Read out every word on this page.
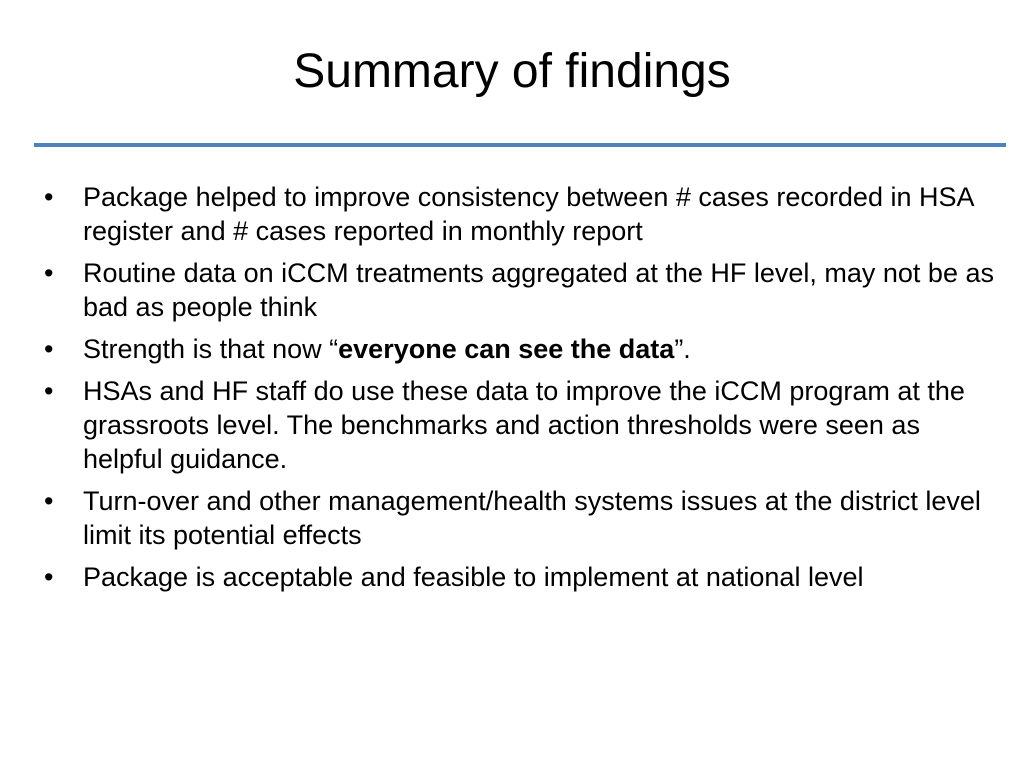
Summary of findings
•	Package helped to improve consistency between # cases recorded in HSA register and # cases reported in monthly report
•	Routine data on iCCM treatments aggregated at the HF level, may not be as bad as people think
•	Strength is that now “everyone can see the data”.
•	HSAs and HF staff do use these data to improve the iCCM program at the grassroots level. The benchmarks and action thresholds were seen as helpful guidance.
•	Turn-over and other management/health systems issues at the district level limit its potential effects
•	Package is acceptable and feasible to implement at national level
